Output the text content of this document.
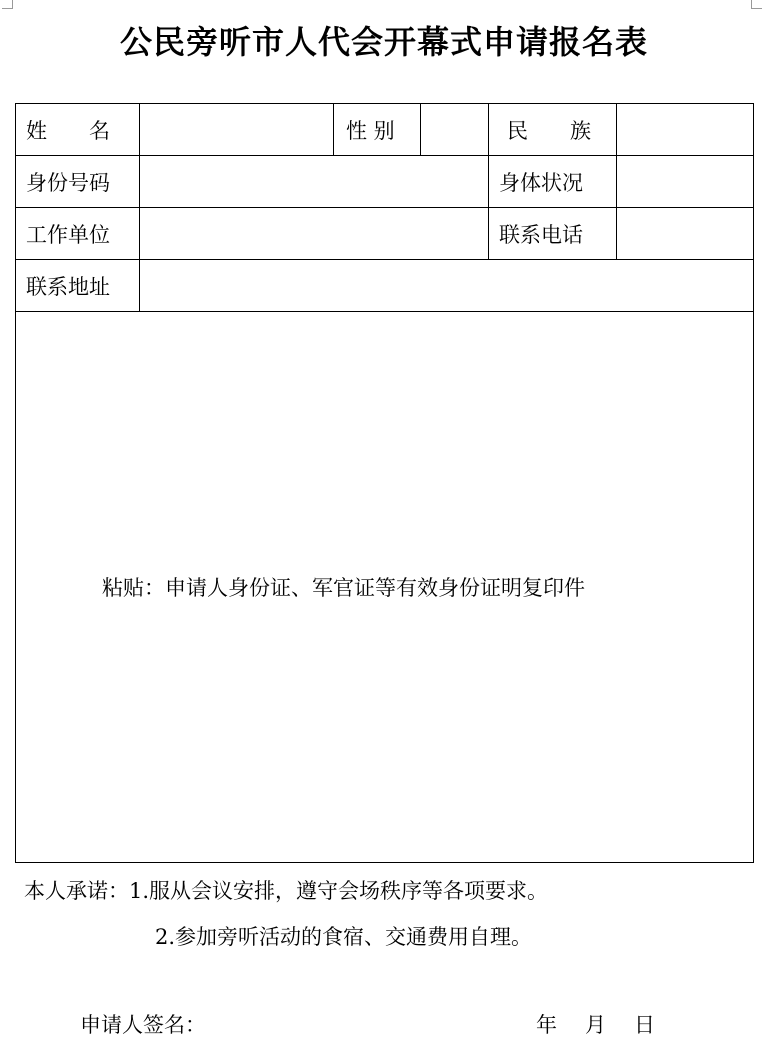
公民旁听市人代会开幕式申请报名表
姓　　名		性 别		民　　族	
身份号码				身体状况	
工作单位				联系电话	
联系地址					
粘贴：申请人身份证、军官证等有效身份证明复印件					
本人承诺：1.服从会议安排，遵守会场秩序等各项要求。
2.参加旁听活动的食宿、交通费用自理。
申请人签名：	年 月 日
